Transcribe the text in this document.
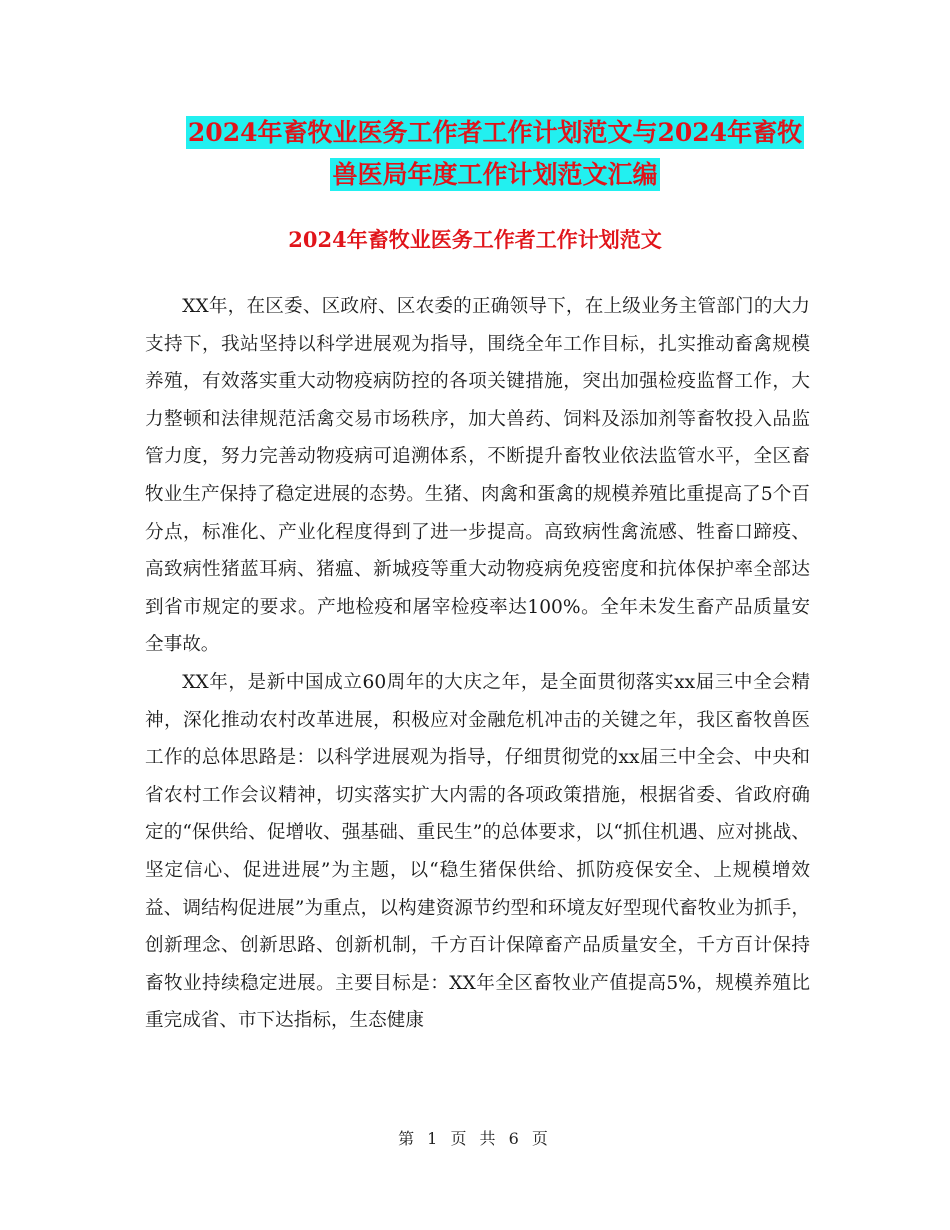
2024年畜牧业医务工作者工作计划范文与2024年畜牧
兽医局年度工作计划范文汇编
2024年畜牧业医务工作者工作计划范文

XX年，在区委、区政府、区农委的正确领导下，在上级业务主管部门的大力支持下，我站坚持以科学进展观为指导，围绕全年工作目标，扎实推动畜禽规模养殖，有效落实重大动物疫病防控的各项关键措施，突出加强检疫监督工作，大力整顿和法律规范活禽交易市场秩序，加大兽药、饲料及添加剂等畜牧投入品监管力度，努力完善动物疫病可追溯体系，不断提升畜牧业依法监管水平，全区畜牧业生产保持了稳定进展的态势。生猪、肉禽和蛋禽的规模养殖比重提高了5个百分点，标准化、产业化程度得到了进一步提高。高致病性禽流感、牲畜口蹄疫、高致病性猪蓝耳病、猪瘟、新城疫等重大动物疫病免疫密度和抗体保护率全部达到省市规定的要求。产地检疫和屠宰检疫率达100%。全年未发生畜产品质量安全事故。

XX年，是新中国成立60周年的大庆之年，是全面贯彻落实xx届三中全会精神，深化推动农村改革进展，积极应对金融危机冲击的关键之年，我区畜牧兽医工作的总体思路是：以科学进展观为指导，仔细贯彻党的xx届三中全会、中央和省农村工作会议精神，切实落实扩大内需的各项政策措施，根据省委、省政府确定的“保供给、促增收、强基础、重民生”的总体要求，以“抓住机遇、应对挑战、坚定信心、促进进展”为主题，以“稳生猪保供给、抓防疫保安全、上规模增效益、调结构促进展”为重点，以构建资源节约型和环境友好型现代畜牧业为抓手，创新理念、创新思路、创新机制，千方百计保障畜产品质量安全，千方百计保持畜牧业持续稳定进展。主要目标是：XX年全区畜牧业产值提高5%，规模养殖比重完成省、市下达指标，生态健康

第 1 页 共 6 页
